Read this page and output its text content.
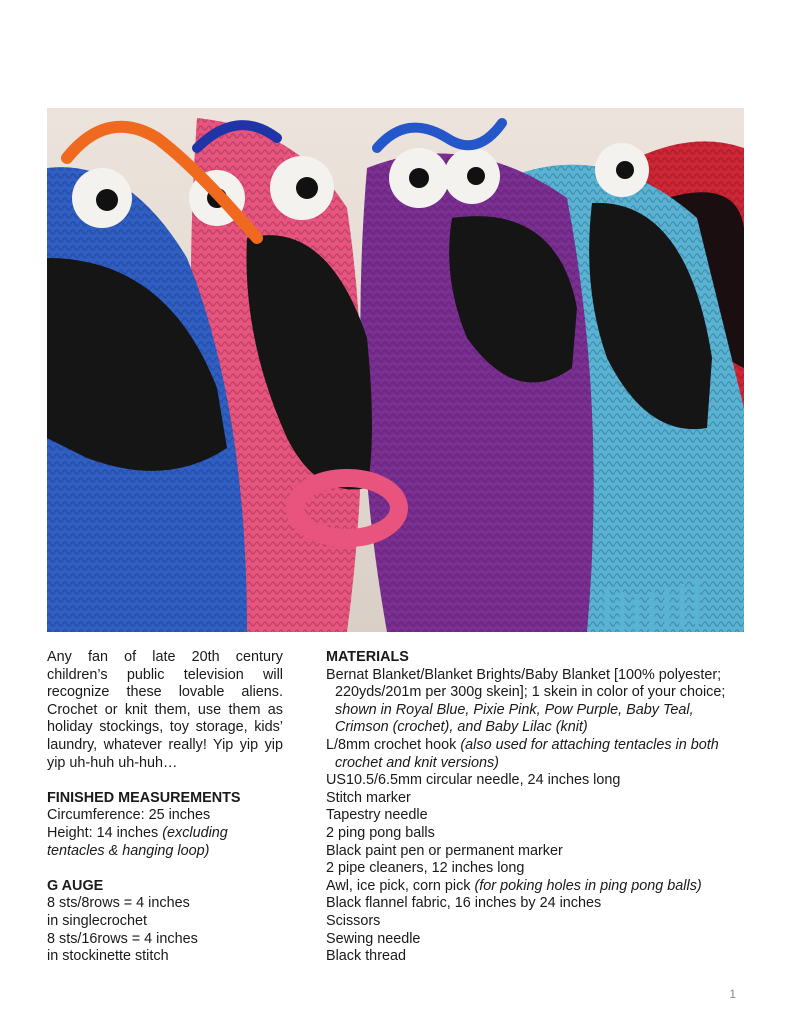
Any fan of late 20th century children’s public television will recognize these lovable aliens. Crochet or knit them, use them as holiday stockings, toy storage, kids’ laundry, whatever really! Yip yip yip yip uh-huh uh-huh…

FINISHED MEASUREMENTS

Circumference: 25 inches

Height: 14 inches (excluding

tentacles & hanging loop)

G AUGE

8 sts/8rows = 4 inches

in singlecrochet

8 sts/16rows = 4 inches

in stockinette stitch

MATERIALS

Bernat Blanket/Blanket Brights/Baby Blanket [100% polyester; 220yds/201m per 300g skein]; 1 skein in color of your choice; shown in Royal Blue, Pixie Pink, Pow Purple, Baby Teal, Crimson (crochet), and Baby Lilac (knit)

L/8mm crochet hook (also used for attaching tentacles in both crochet and knit versions)

US10.5/6.5mm circular needle, 24 inches long

Stitch marker

Tapestry needle

2 ping pong balls

Black paint pen or permanent marker

2 pipe cleaners, 12 inches long

Awl, ice pick, corn pick (for poking holes in ping pong balls)

Black flannel fabric, 16 inches by 24 inches

Scissors

Sewing needle

Black thread

1
